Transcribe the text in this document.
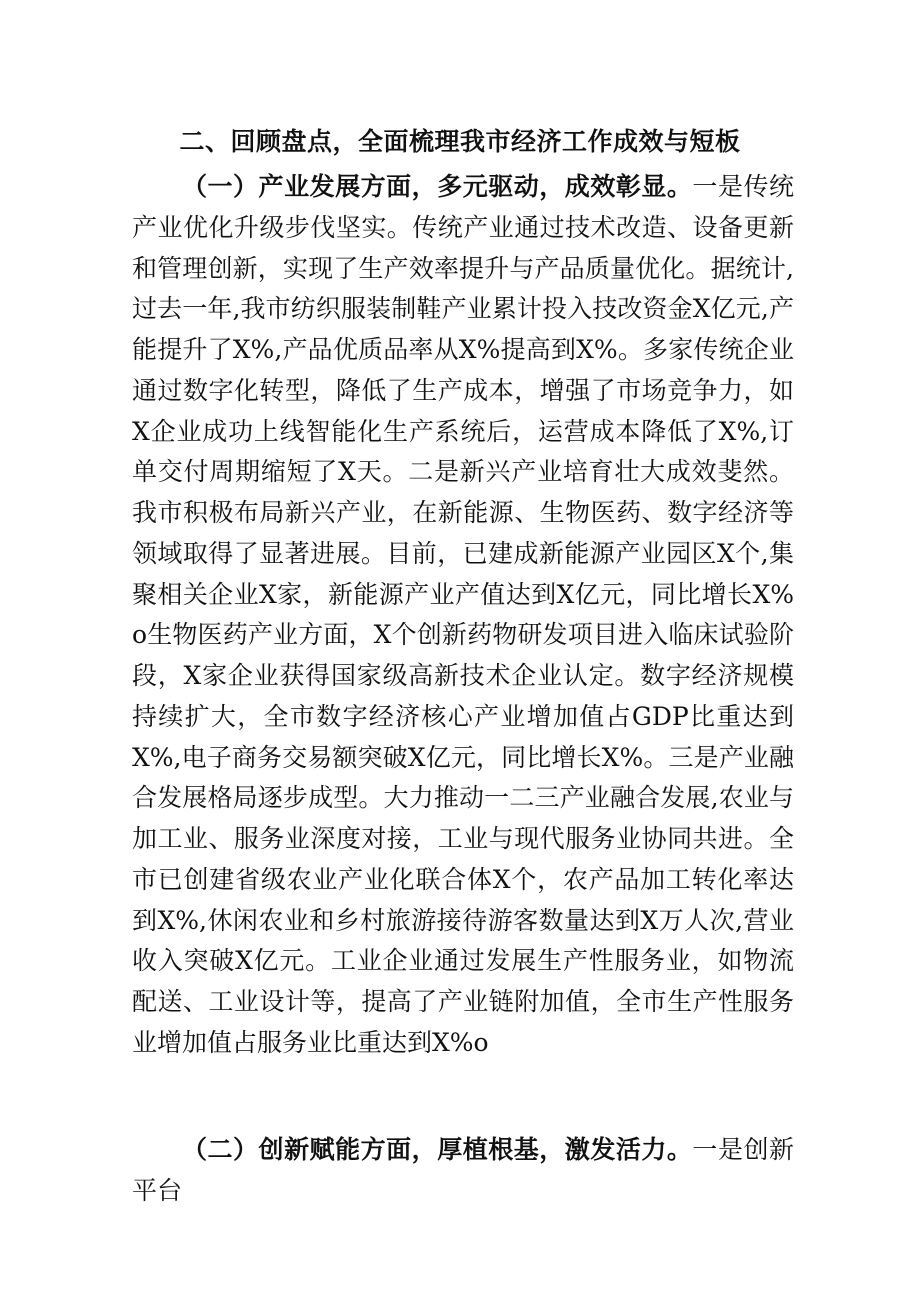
二、回顾盘点，全面梳理我市经济工作成效与短板

（一）产业发展方面，多元驱动，成效彰显。一是传统产业优化升级步伐坚实。传统产业通过技术改造、设备更新和管理创新，实现了生产效率提升与产品质量优化。据统计,过去一年,我市纺织服装制鞋产业累计投入技改资金X亿元,产能提升了X%,产品优质品率从X%提高到X%。多家传统企业通过数字化转型，降低了生产成本，增强了市场竞争力，如X企业成功上线智能化生产系统后，运营成本降低了X%,订单交付周期缩短了X天。二是新兴产业培育壮大成效斐然。我市积极布局新兴产业，在新能源、生物医药、数字经济等领域取得了显著进展。目前，已建成新能源产业园区X个,集聚相关企业X家，新能源产业产值达到X亿元，同比增长X%o生物医药产业方面，X个创新药物研发项目进入临床试验阶段，X家企业获得国家级高新技术企业认定。数字经济规模持续扩大，全市数字经济核心产业增加值占GDP比重达到X%,电子商务交易额突破X亿元，同比增长X%。三是产业融合发展格局逐步成型。大力推动一二三产业融合发展,农业与加工业、服务业深度对接，工业与现代服务业协同共进。全市已创建省级农业产业化联合体X个，农产品加工转化率达到X%,休闲农业和乡村旅游接待游客数量达到X万人次,营业收入突破X亿元。工业企业通过发展生产性服务业，如物流配送、工业设计等，提高了产业链附加值，全市生产性服务业增加值占服务业比重达到X%o

（二）创新赋能方面，厚植根基，激发活力。一是创新平台
